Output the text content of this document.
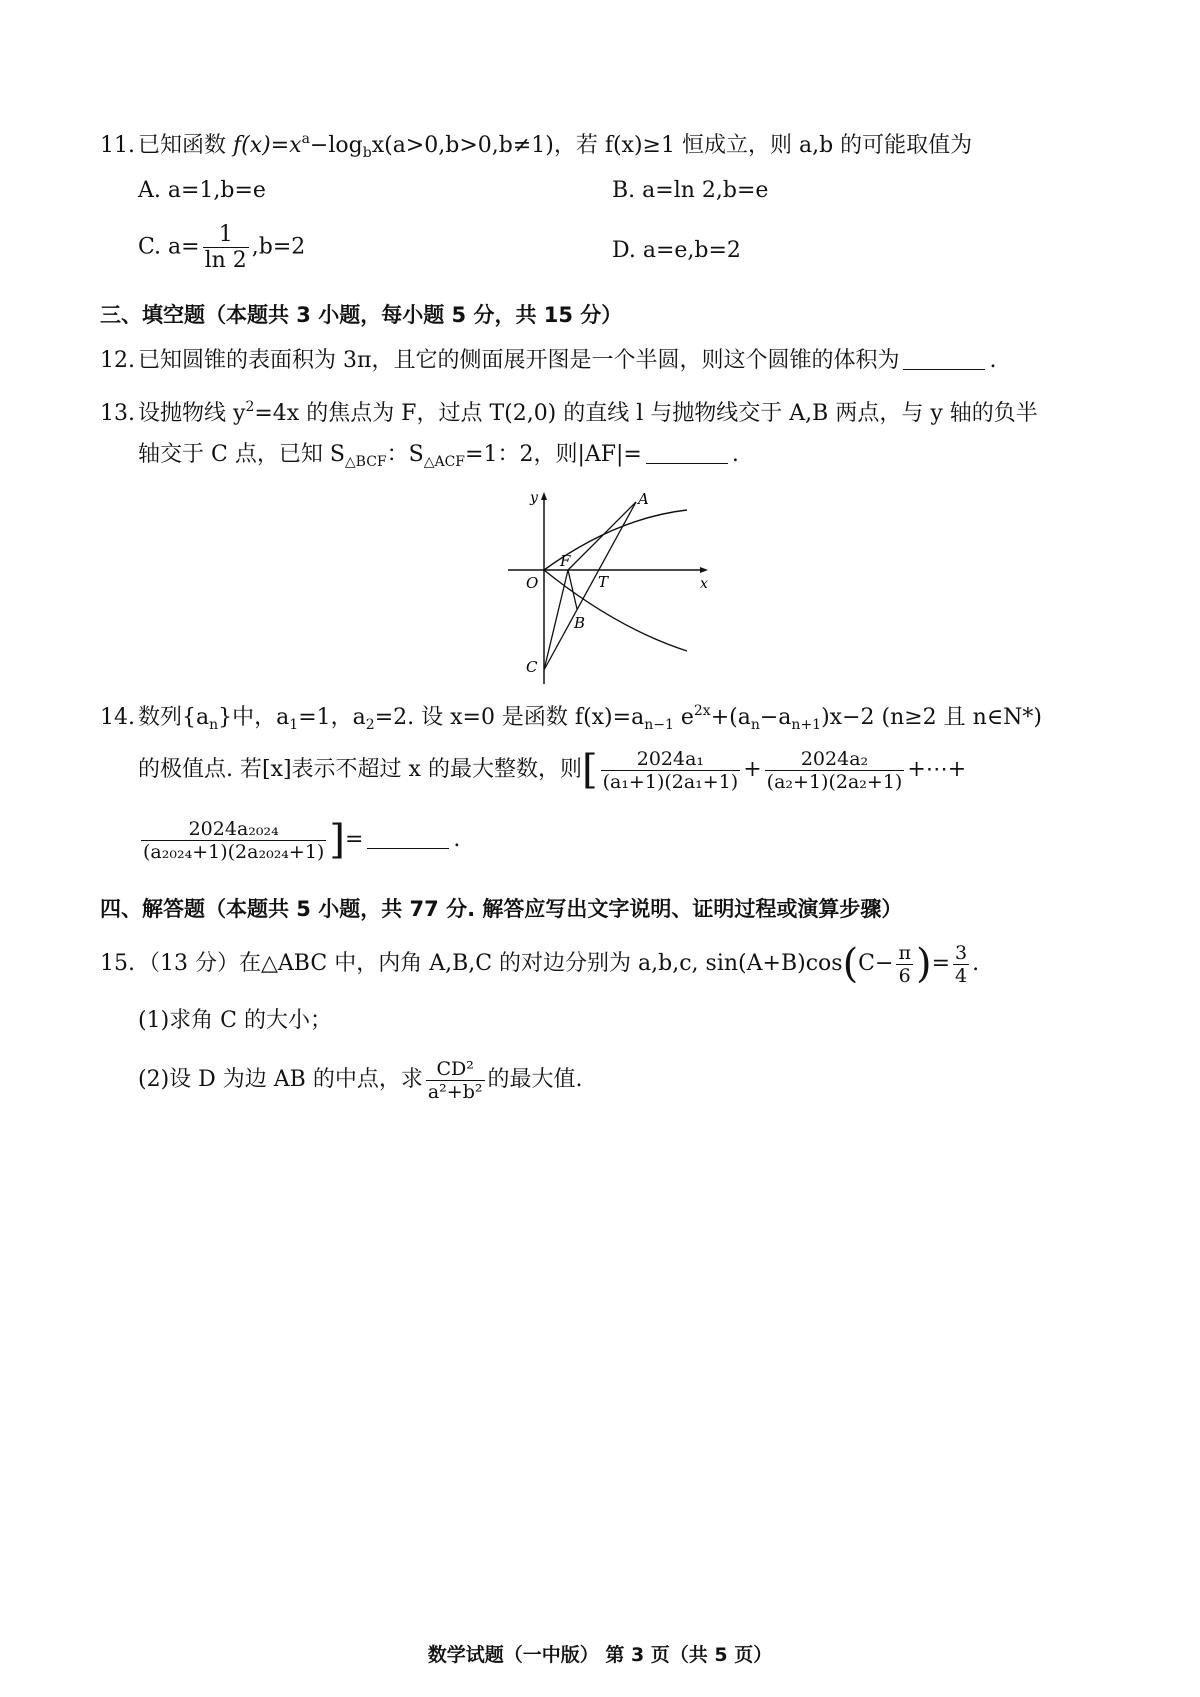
11. 已知函数 $f(x)=x^a-\log_bx(a>0,b>0,b\ne 1)$，若 f(x)≥1 恒成立，则 a,b 的可能取值为
A. a=1,b=e	B. a=ln 2,b=e
C. $a= \frac{1}{\ln 2} ,b=2$	D. a=e,b=2
三、填空题（本题共 3 小题，每小题 5 分，共 15 分）
12. 已知圆锥的表面积为 3π，且它的侧面展开图是一个半圆，则这个圆锥的体积为	.
13. 设抛物线 $y^2=4x$ 的焦点为 F，过点 T(2,0) 的直线 l 与抛物线交于 A,B 两点，与 y 轴的负半
轴交于 C 点，已知 $S_{\triangle BCF}$：$S_{\triangle ACF}=1$：2，则|AF|=	.
y
x
O
A
F
T
B
C
14. 数列$\{a_n\}$中，$a_1=1$，$a_2=2$. 设 x=0 是函数 $f(x)=a_{n-1}$ $e^{2x}+(a_n-a_{n+1})x-2$ (n≥2 且 n∈N*)
的极值点. 若[x]表示不超过 x 的最大整数，则[ $\frac{\text{2024a₁}}{\text{(a₁+1)(2a₁+1)}} + \frac{\text{2024a₂}}{\text{(a₂+1)(2a₂+1)}}$ +⋯+
$\frac{\text{2024a₂₀₂₄}}{\text{(a₂₀₂₄+1)(2a₂₀₂₄+1)}}$ ]=	.
四、解答题（本题共 5 小题，共 77 分. 解答应写出文字说明、证明过程或演算步骤）
15. （13 分）在△ABC 中，内角 A,B,C 的对边分别为 a,b,c, $\sin(A+B)\cos(C- \frac{\pi}{6}$ )= $\frac{3}{4}$ .
(1)求角 C 的大小；
(2)设 D 为边 AB 的中点，求 $\frac{\text{CD²}}{\text{a²+b²}}$ 的最大值.
数学试题（一中版） 第 3 页（共 5 页）
